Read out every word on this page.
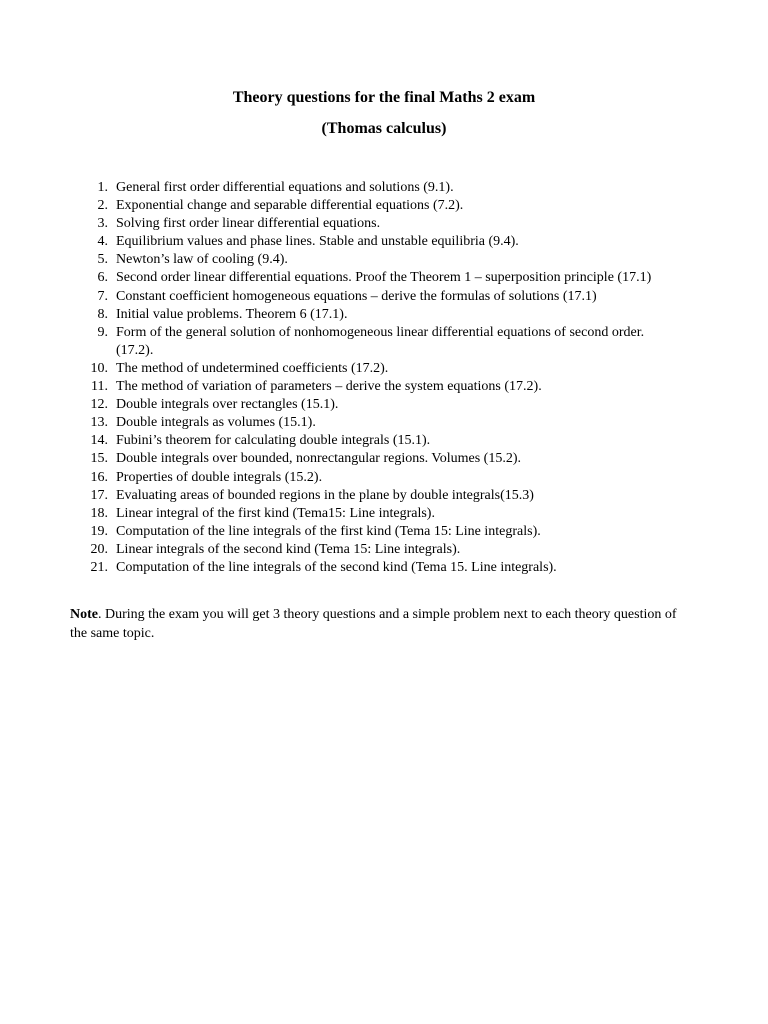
Theory questions for the final Maths 2 exam
(Thomas calculus)
1. General first order differential equations and solutions (9.1).
2. Exponential change and separable differential equations (7.2).
3. Solving first order linear differential equations.
4. Equilibrium values and phase lines. Stable and unstable equilibria (9.4).
5. Newton’s law of cooling (9.4).
6. Second order linear differential equations. Proof the Theorem 1 – superposition principle (17.1)
7. Constant coefficient homogeneous equations – derive the formulas of solutions (17.1)
8. Initial value problems. Theorem 6 (17.1).
9. Form of the general solution of nonhomogeneous linear differential equations of second order. (17.2).
10. The method of undetermined coefficients (17.2).
11. The method of variation of parameters – derive the system equations (17.2).
12. Double integrals over rectangles (15.1).
13. Double integrals as volumes (15.1).
14. Fubini’s theorem for calculating double integrals (15.1).
15. Double integrals over bounded, nonrectangular regions. Volumes (15.2).
16. Properties of double integrals (15.2).
17. Evaluating areas of bounded regions in the plane by double integrals(15.3)
18. Linear integral of the first kind (Tema15: Line integrals).
19. Computation of the line integrals of the first kind (Tema 15: Line integrals).
20. Linear integrals of the second kind (Tema 15: Line integrals).
21. Computation of the line integrals of the second kind (Tema 15. Line integrals).

Note. During the exam you will get 3 theory questions and a simple problem next to each theory question of the same topic.
